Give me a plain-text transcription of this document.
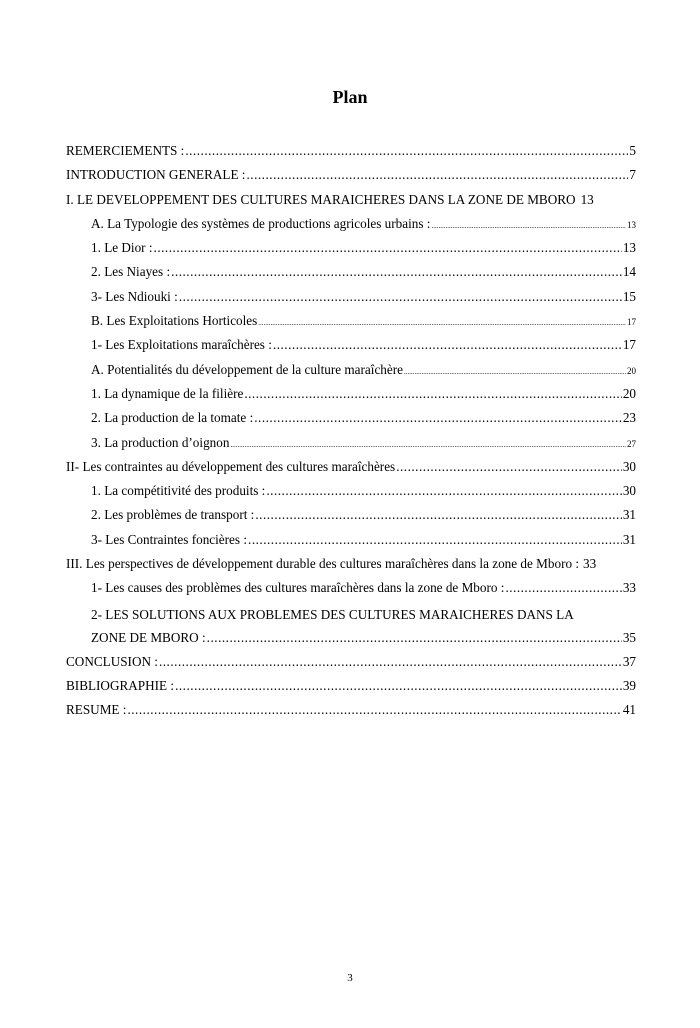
Plan
REMERCIEMENTS : .....	5
INTRODUCTION GENERALE : .....	7
I. LE DEVELOPPEMENT DES CULTURES MARAICHERES DANS LA ZONE DE MBORO 13
A. La Typologie des systèmes de productions agricoles urbains : .....	13
1. Le Dior : .....	13
2. Les Niayes : .....	14
3- Les Ndiouki : .....	15
B. Les Exploitations Horticoles .....	17
1- Les Exploitations maraîchères : .....	17
A. Potentialités du développement de la culture maraîchère .....	20
1. La dynamique de la filière .....	20
2. La production de la tomate : .....	23
3. La production d’oignon .....	27
II- Les contraintes au développement des cultures maraîchères .....	30
1. La compétitivité des produits : .....	30
2. Les problèmes de transport : .....	31
3- Les Contraintes foncières : .....	31
III. Les perspectives de développement durable des cultures maraîchères dans la zone de Mboro : 33
1- Les causes des problèmes des cultures maraîchères dans la zone de Mboro : .....	33
2- LES SOLUTIONS AUX PROBLEMES DES CULTURES MARAICHERES DANS LA
ZONE DE MBORO : .....	35
CONCLUSION : .....	37
BIBLIOGRAPHIE : .....	39
RESUME : .....	41
3
